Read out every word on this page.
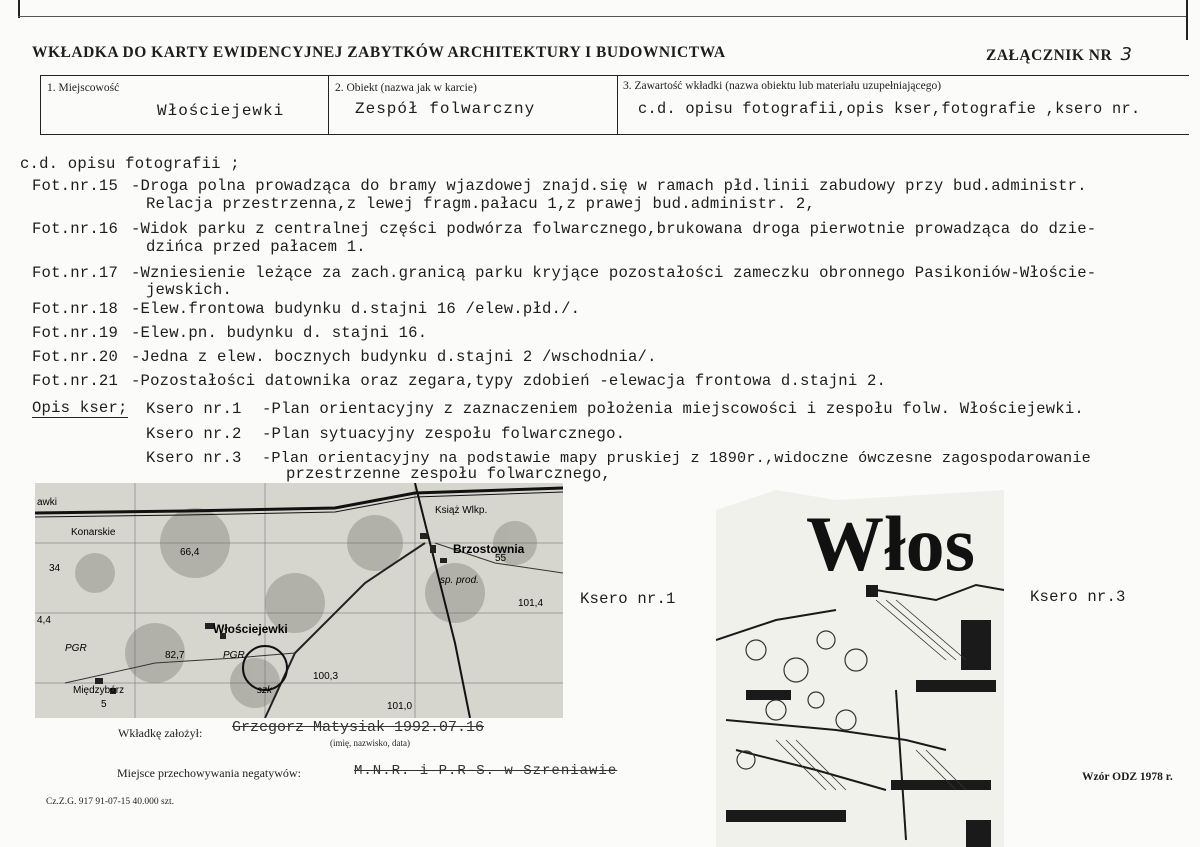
WKŁADKA DO KARTY EWIDENCYJNEJ ZABYTKÓW ARCHITEKTURY I BUDOWNICTWA	ZAŁĄCZNIK NR 3
1. Miejscowość
Włościejewki
2. Obiekt (nazwa jak w karcie)
Zespół folwarczny
3. Zawartość wkładki (nazwa obiektu lub materiału uzupełniającego)
c.d. opisu fotografii,opis kser,fotografie ,ksero nr.
c.d. opisu fotografii ;
Fot.nr.15 -Droga polna prowadząca do bramy wjazdowej znajd.się w ramach płd.linii zabudowy przy bud.administr.
Relacja przestrzenna,z lewej fragm.pałacu 1,z prawej bud.administr. 2,
Fot.nr.16 -Widok parku z centralnej części podwórza folwarcznego,brukowana droga pierwotnie prowadząca do dzie-
dzińca przed pałacem 1.
Fot.nr.17 -Wzniesienie leżące za zach.granicą parku kryjące pozostałości zameczku obronnego Pasikoniów-Włoście-
jewskich.
Fot.nr.18 -Elew.frontowa budynku d.stajni 16 /elew.płd./.
Fot.nr.19 -Elew.pn. budynku d. stajni 16.
Fot.nr.20 -Jedna z elew. bocznych budynku d.stajni 2 /wschodnia/.
Fot.nr.21 -Pozostałości datownika oraz zegara,typy zdobień -elewacja frontowa d.stajni 2.
Opis kser; Ksero nr.1 -Plan orientacyjny z zaznaczeniem położenia miejscowości i zespołu folw. Włościejewki.
Ksero nr.2 -Plan sytuacyjny zespołu folwarcznego.
Ksero nr.3 -Plan orientacyjny na podstawie mapy pruskiej z 1890r.,widoczne ówczesne zagospodarowanie
przestrzenne zespołu folwarcznego,
awki
Konarskie
Książ Wlkp.
Brzostownia
sp. prod.
66,4
101,4
Włościejewki
PGR
PGR
82,7
szk
100,3
Międzybórz
101,0
55
5
34
4,4
Ksero nr.1
Włos
Ksero nr.3
Wkładkę założył: Grzegorz Matysiak 1992.07.16
(imię, nazwisko, data)
Miejsce przechowywania negatywów:	M.N.R. i P.R-S. w Szreniawie	Wzór ODZ 1978 r.
Cz.Z.G. 917 91-07-15 40.000 szt.
